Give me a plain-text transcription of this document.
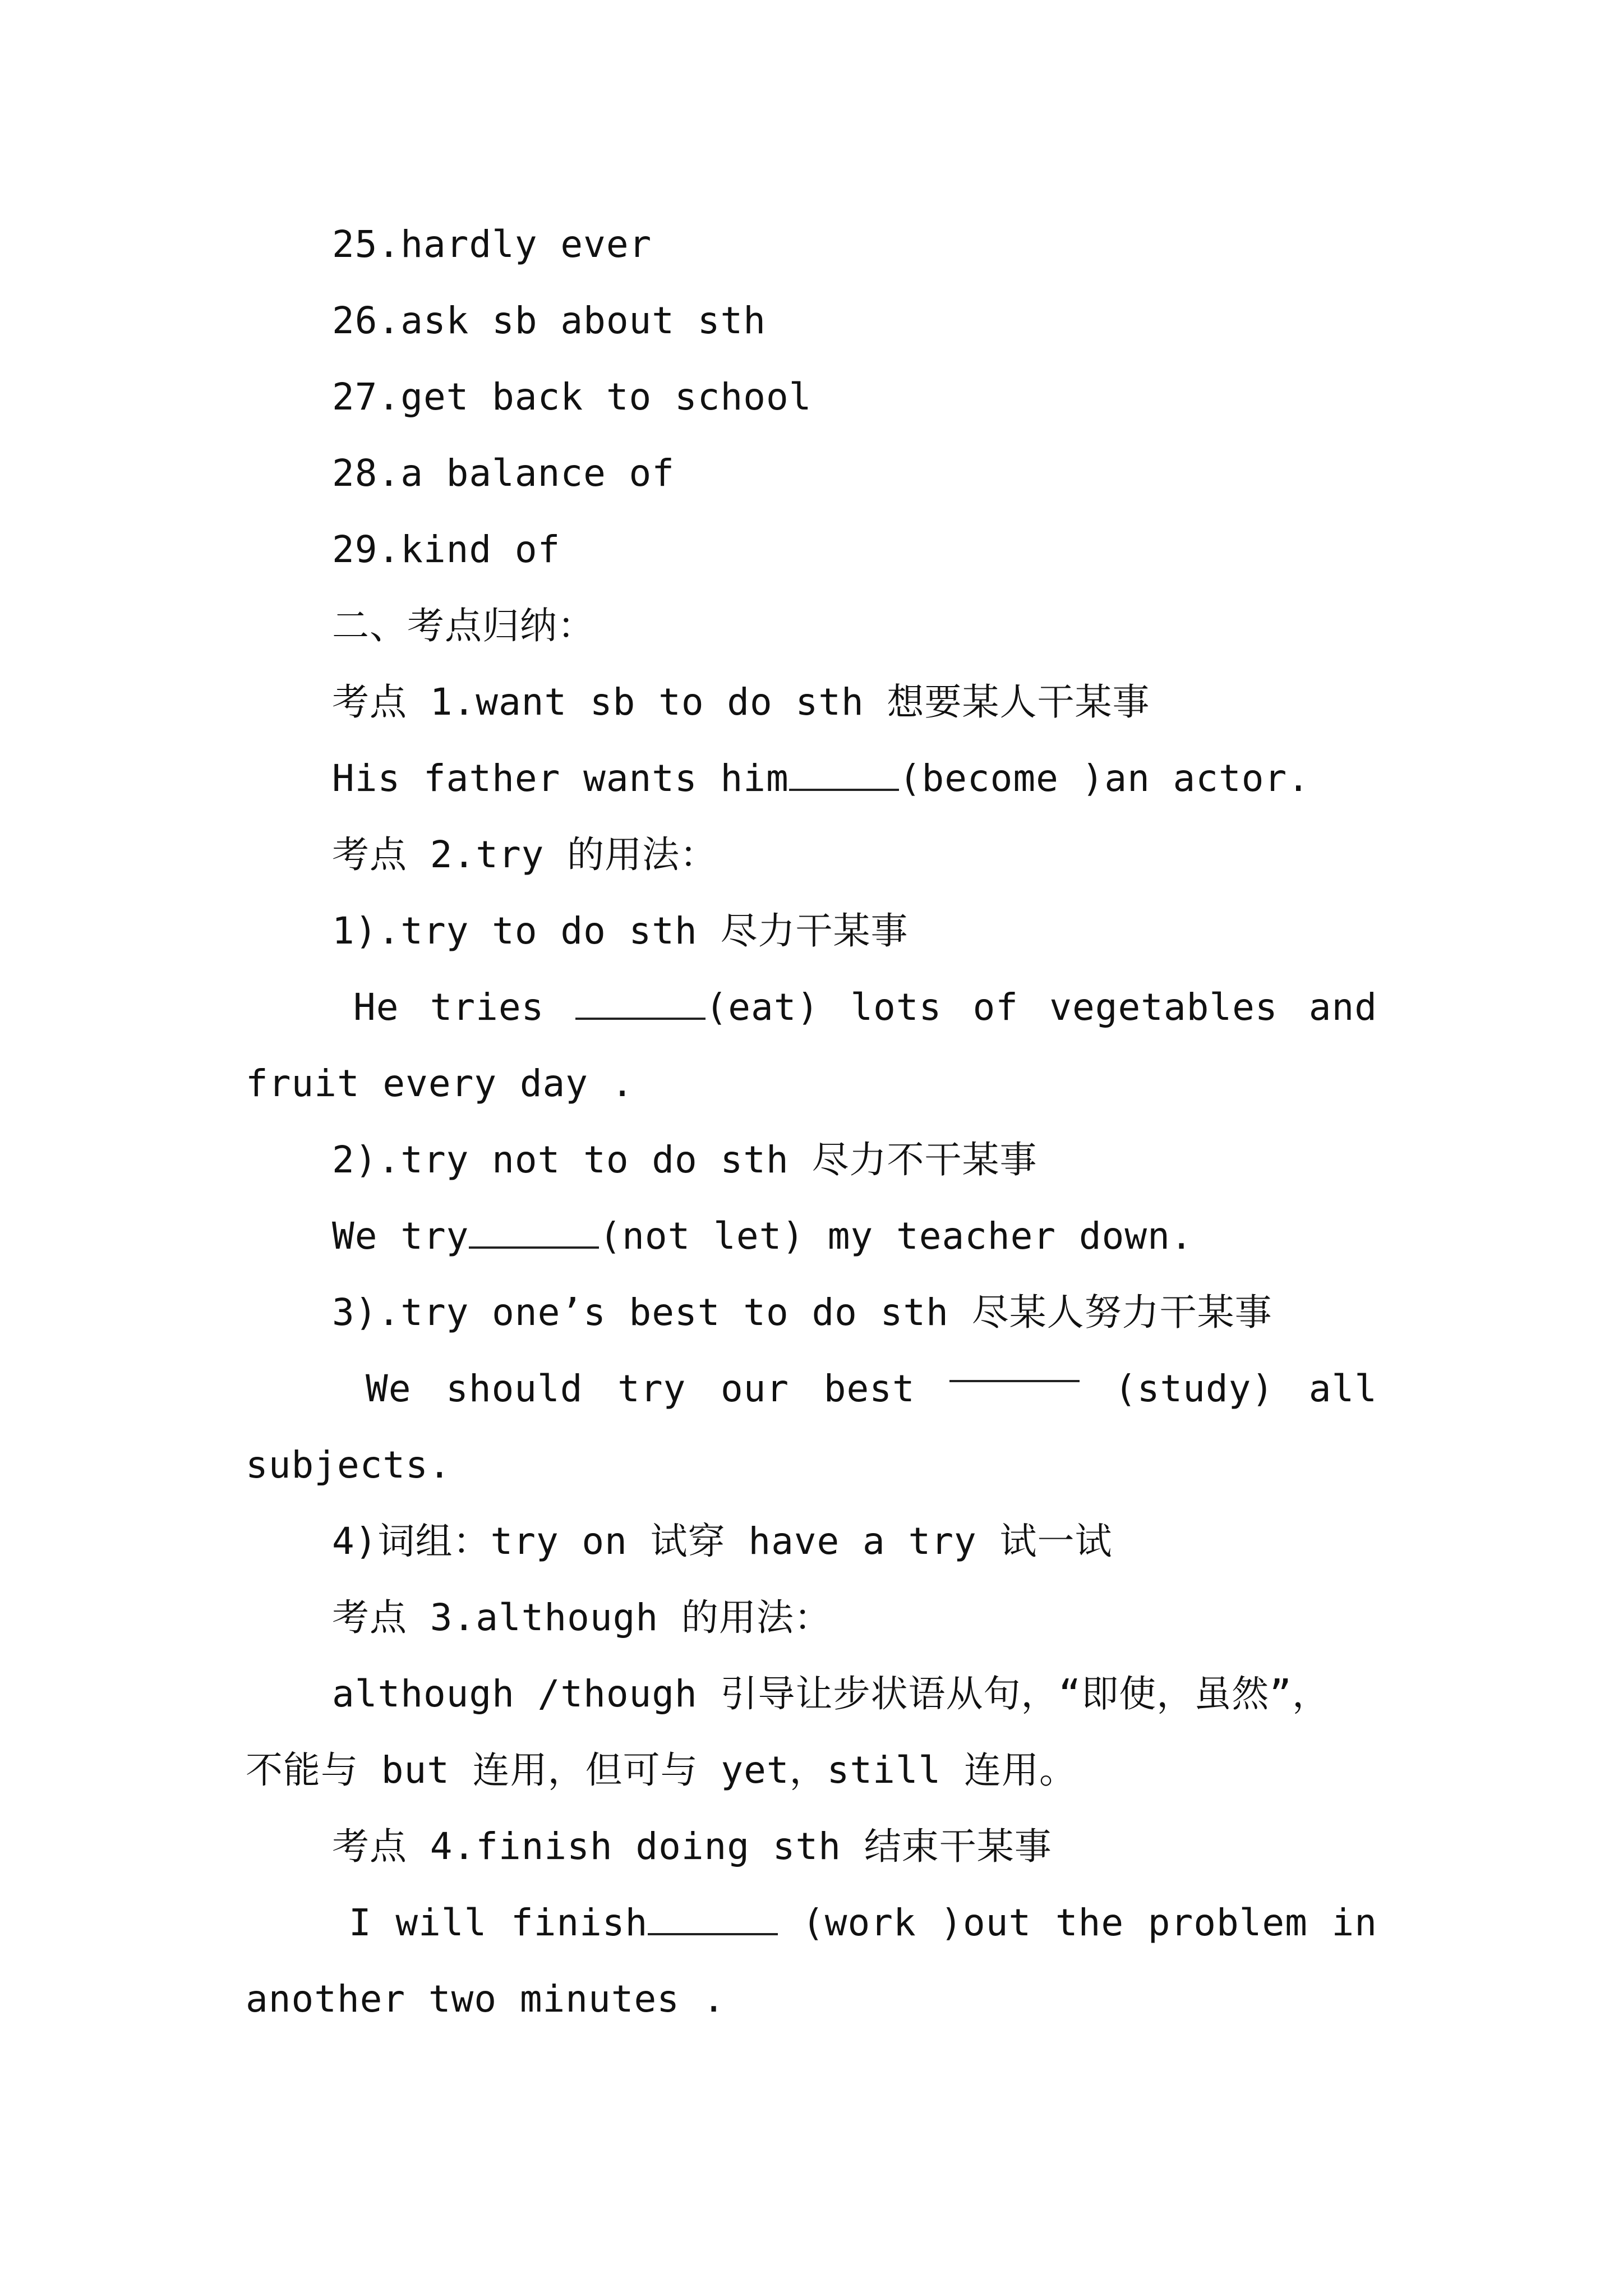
25.hardly ever
26.ask sb about sth
27.get back to school
28.a balance of
29.kind of
二、考点归纳：
考点 1.want sb to do sth 想要某人干某事
His father wants him	(become )an actor.
考点 2.try 的用法：
1).try to do sth 尽力干某事
He tries	(eat) lots of vegetables and
fruit every day .
2).try not to do sth 尽力不干某事
We try	(not let) my teacher down.
3).try one’s best to do sth 尽某人努力干某事
We should try our best	(study) all
subjects.
4)词组：try on 试穿 have a try 试一试
考点 3.although 的用法：
although /though 引导让步状语从句，“即使，虽然”，
不能与 but 连用，但可与 yet，still 连用。
考点 4.finish doing sth 结束干某事
I will finish	(work )out the problem in
another two minutes .
